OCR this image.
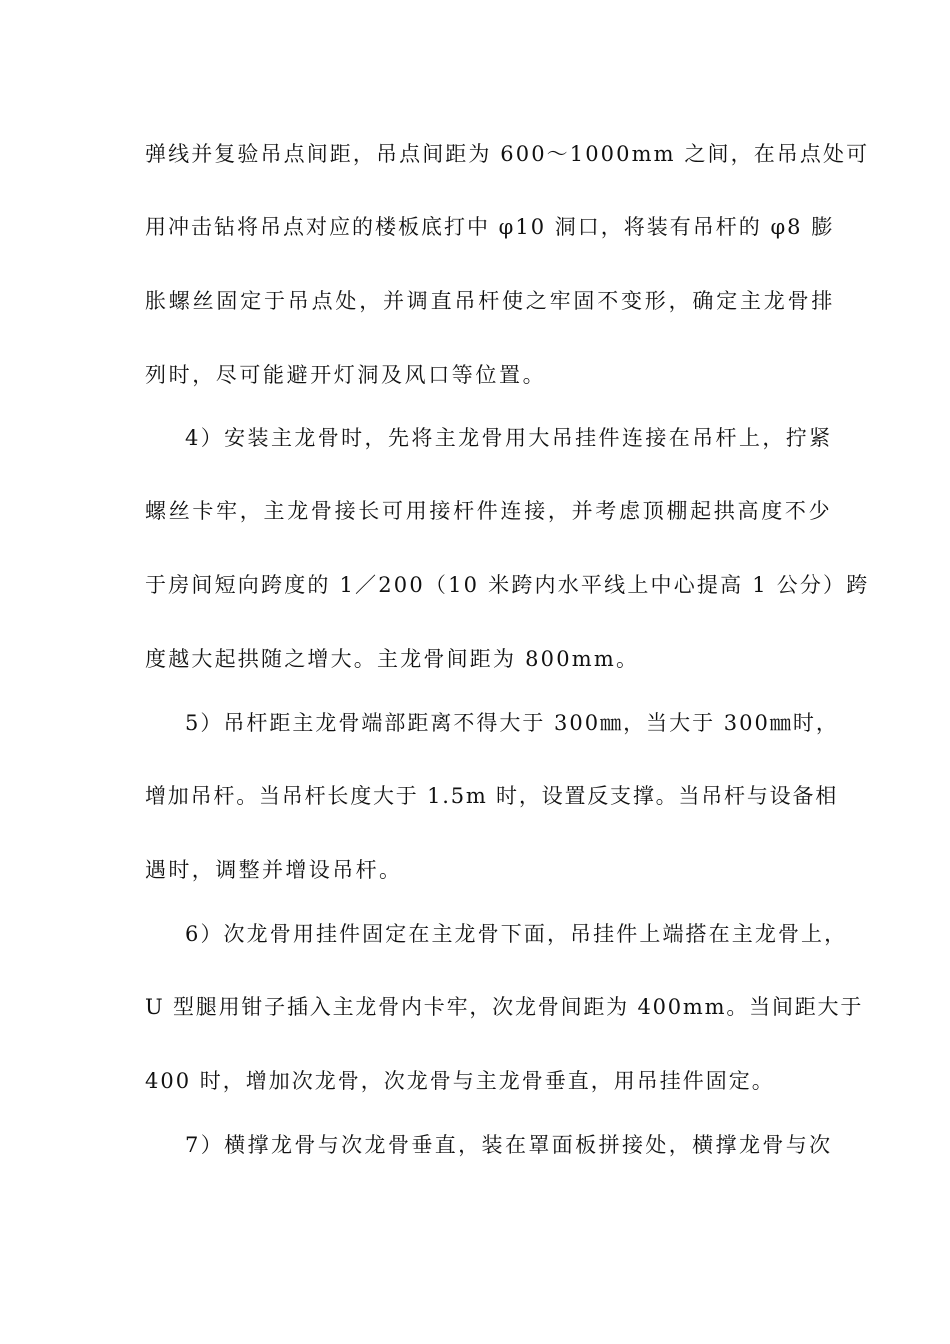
弹线并复验吊点间距，吊点间距为 600～1000mm 之间，在吊点处可
用冲击钻将吊点对应的楼板底打中 φ10 洞口，将装有吊杆的 φ8 膨
胀螺丝固定于吊点处，并调直吊杆使之牢固不变形，确定主龙骨排
列时，尽可能避开灯洞及风口等位置。
4）安装主龙骨时，先将主龙骨用大吊挂件连接在吊杆上，拧紧
螺丝卡牢，主龙骨接长可用接杆件连接，并考虑顶棚起拱高度不少
于房间短向跨度的 1／200（10 米跨内水平线上中心提高 1 公分）跨
度越大起拱随之增大。主龙骨间距为 800mm。
5）吊杆距主龙骨端部距离不得大于 300㎜，当大于 300㎜时，
增加吊杆。当吊杆长度大于 1.5m 时，设置反支撑。当吊杆与设备相
遇时，调整并增设吊杆。
6）次龙骨用挂件固定在主龙骨下面，吊挂件上端搭在主龙骨上，
U 型腿用钳子插入主龙骨内卡牢，次龙骨间距为 400mm。当间距大于
400 时，增加次龙骨，次龙骨与主龙骨垂直，用吊挂件固定。
7）横撑龙骨与次龙骨垂直，装在罩面板拼接处，横撑龙骨与次
